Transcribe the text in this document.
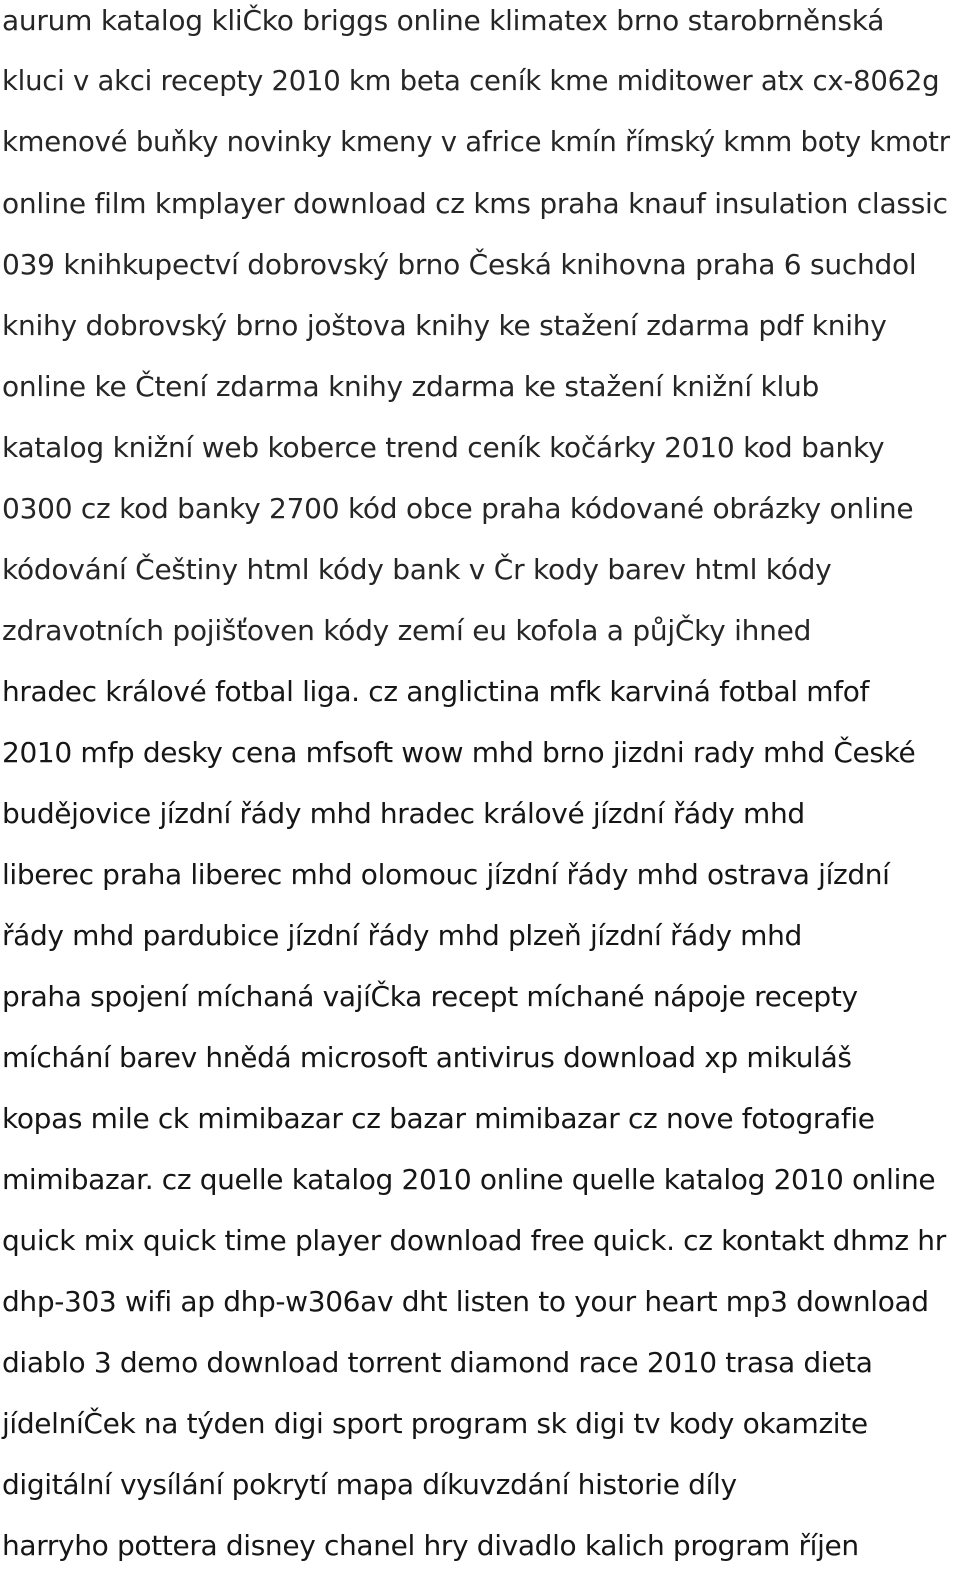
aurum katalog kliČko briggs online klimatex brno starobrněnská

kluci v akci recepty 2010 km beta ceník kme miditower atx cx-8062g

kmenové buňky novinky kmeny v africe kmín římský kmm boty kmotr

online film kmplayer download cz kms praha knauf insulation classic

039 knihkupectví dobrovský brno Česká knihovna praha 6 suchdol

knihy dobrovský brno joštova knihy ke stažení zdarma pdf knihy

online ke Čtení zdarma knihy zdarma ke stažení knižní klub

katalog knižní web koberce trend ceník kočárky 2010 kod banky

0300 cz kod banky 2700 kód obce praha kódované obrázky online

kódování Češtiny html kódy bank v Čr kody barev html kódy

zdravotních pojišťoven kódy zemí eu kofola a půjČky ihned

hradec králové fotbal liga. cz anglictina mfk karviná fotbal mfof

2010 mfp desky cena mfsoft wow mhd brno jizdni rady mhd České

budějovice jízdní řády mhd hradec králové jízdní řády mhd

liberec praha liberec mhd olomouc jízdní řády mhd ostrava jízdní

řády mhd pardubice jízdní řády mhd plzeň jízdní řády mhd

praha spojení míchaná vajíČka recept míchané nápoje recepty

míchání barev hnědá microsoft antivirus download xp mikuláš

kopas mile ck mimibazar cz bazar mimibazar cz nove fotografie

mimibazar. cz quelle katalog 2010 online quelle katalog 2010 online

quick mix quick time player download free quick. cz kontakt dhmz hr

dhp-303 wifi ap dhp-w306av dht listen to your heart mp3 download

diablo 3 demo download torrent diamond race 2010 trasa dieta

jídelníČek na týden digi sport program sk digi tv kody okamzite

digitální vysílání pokrytí mapa díkuvzdání historie díly

harryho pottera disney chanel hry divadlo kalich program říjen
